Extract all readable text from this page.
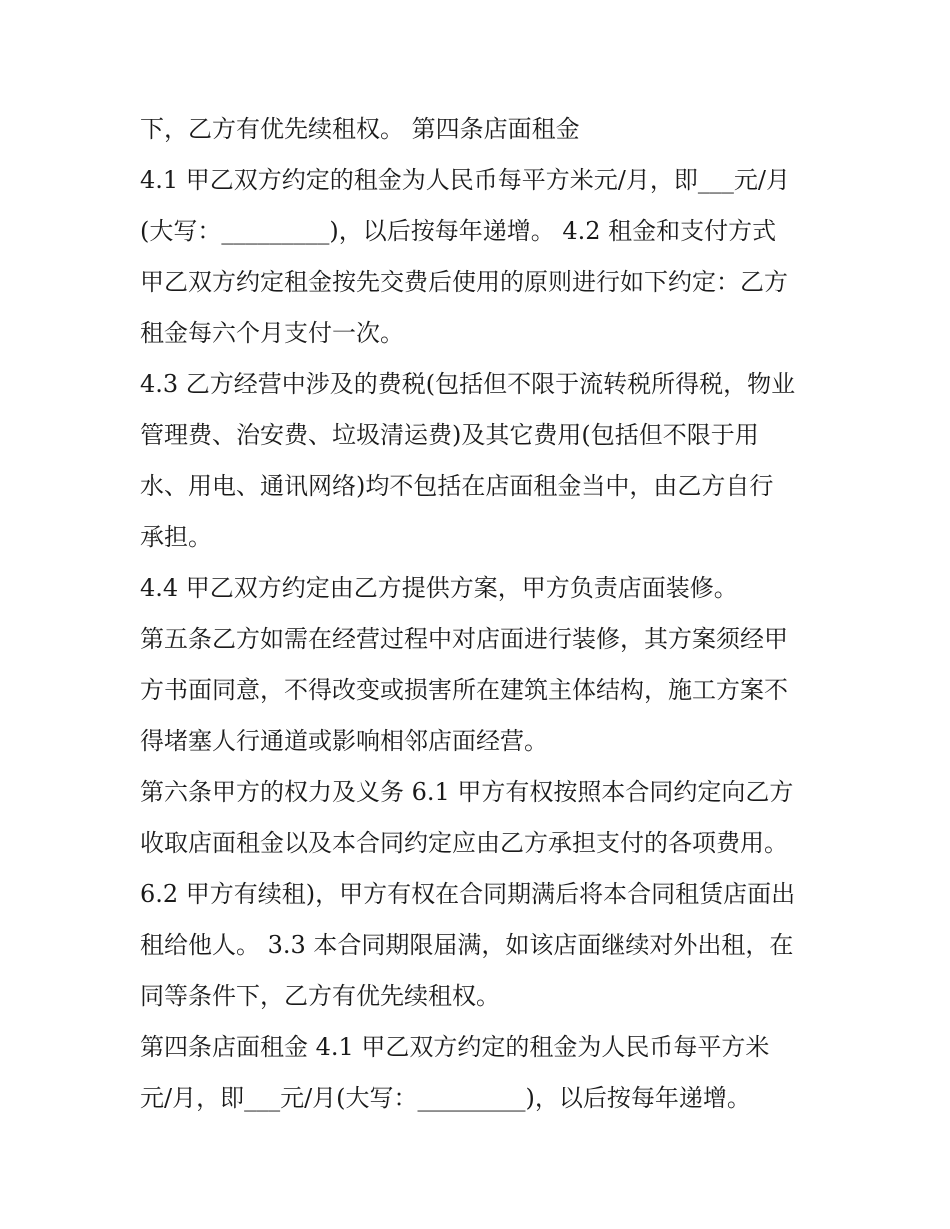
下，乙方有优先续租权。 第四条店面租金
4.1 甲乙双方约定的租金为人民币每平方米元/月，即___元/月
(大写：_________)，以后按每年递增。 4.2 租金和支付方式
甲乙双方约定租金按先交费后使用的原则进行如下约定：乙方
租金每六个月支付一次。
4.3 乙方经营中涉及的费税(包括但不限于流转税所得税，物业
管理费、治安费、垃圾清运费)及其它费用(包括但不限于用
水、用电、通讯网络)均不包括在店面租金当中，由乙方自行
承担。
4.4 甲乙双方约定由乙方提供方案，甲方负责店面装修。
第五条乙方如需在经营过程中对店面进行装修，其方案须经甲
方书面同意，不得改变或损害所在建筑主体结构，施工方案不
得堵塞人行通道或影响相邻店面经营。
第六条甲方的权力及义务 6.1 甲方有权按照本合同约定向乙方
收取店面租金以及本合同约定应由乙方承担支付的各项费用。
6.2 甲方有续租)，甲方有权在合同期满后将本合同租赁店面出
租给他人。 3.3 本合同期限届满，如该店面继续对外出租，在
同等条件下，乙方有优先续租权。
第四条店面租金 4.1 甲乙双方约定的租金为人民币每平方米
元/月，即___元/月(大写：_________)，以后按每年递增。
